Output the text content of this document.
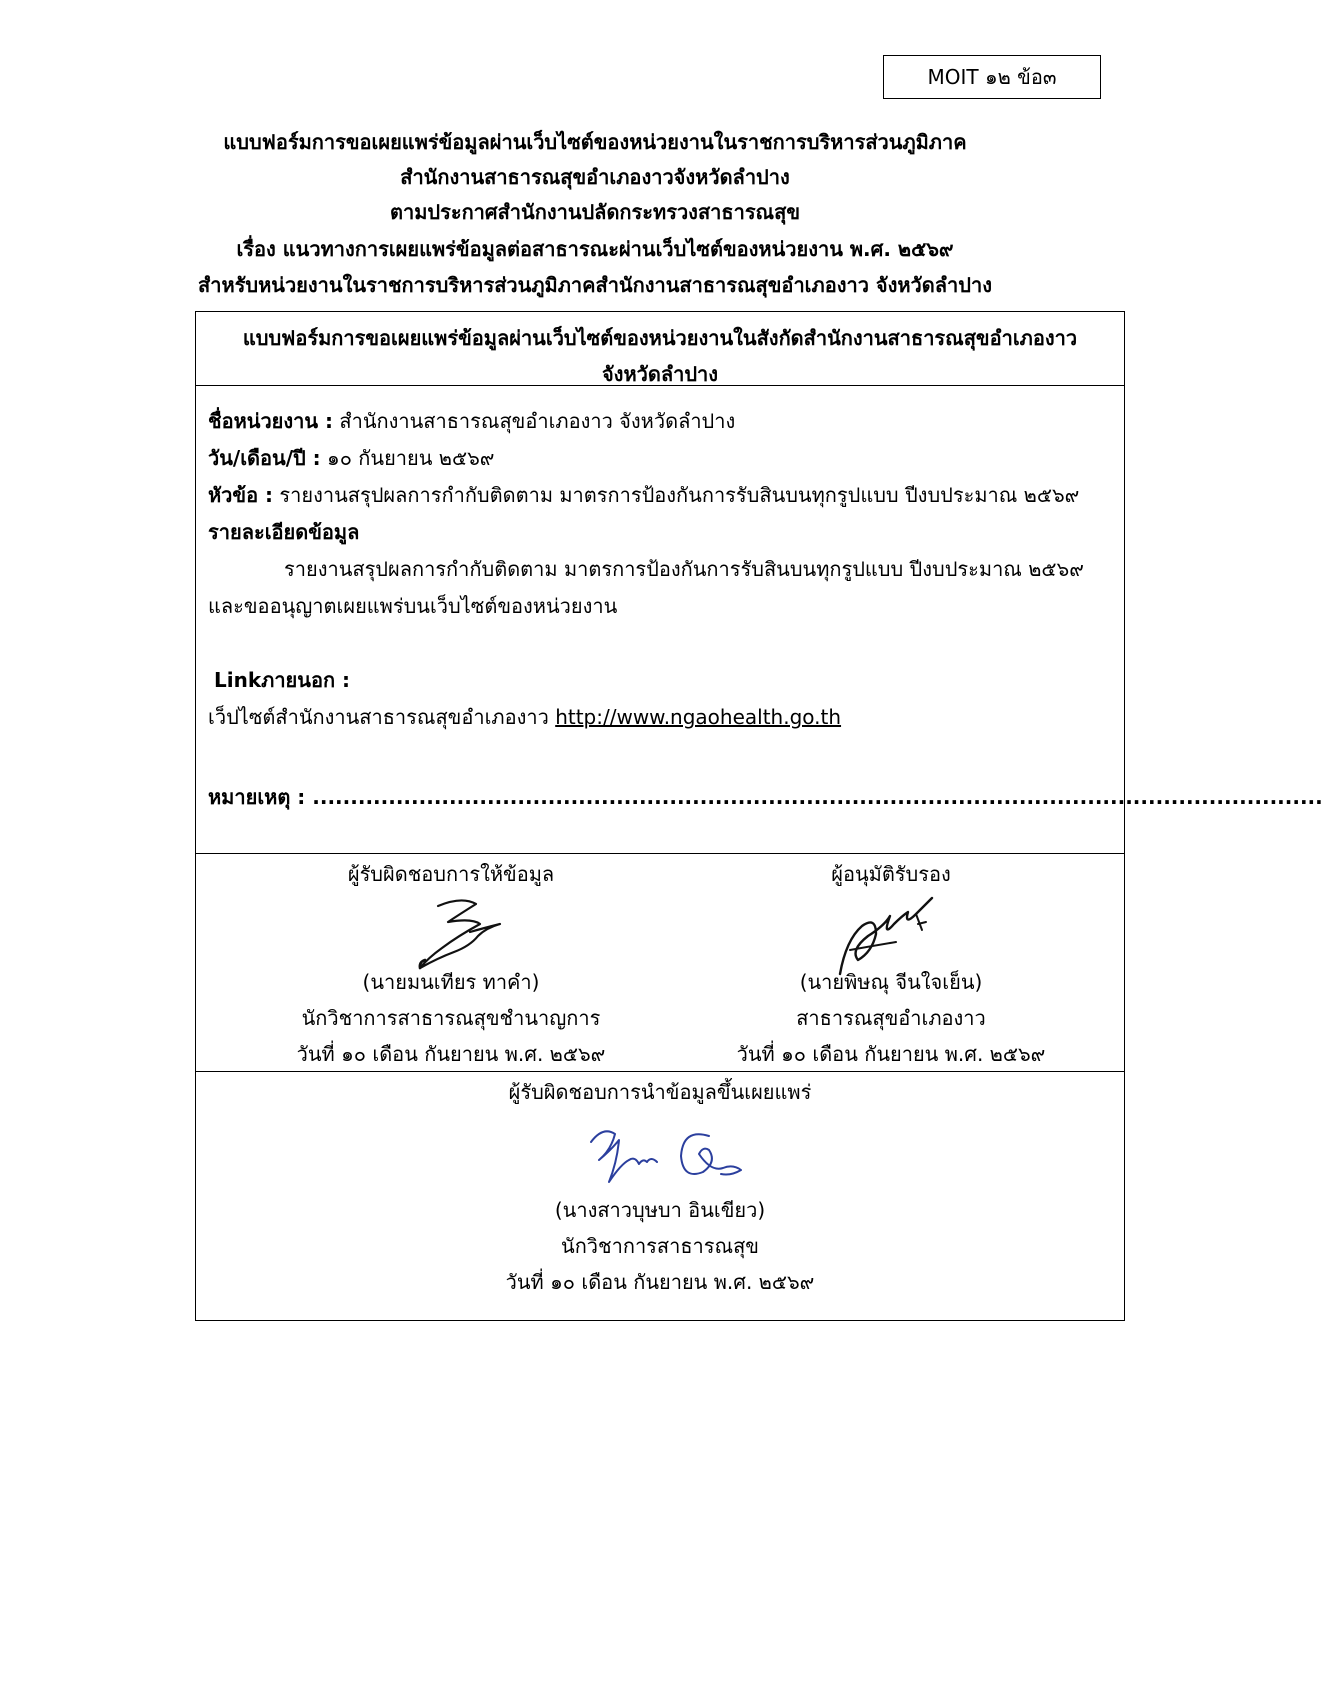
MOIT ๑๒ ข้อ๓
แบบฟอร์มการขอเผยแพร่ข้อมูลผ่านเว็บไซต์ของหน่วยงานในราชการบริหารส่วนภูมิภาค
สำนักงานสาธารณสุขอำเภองาวจังหวัดลำปาง
ตามประกาศสำนักงานปลัดกระทรวงสาธารณสุข
เรื่อง แนวทางการเผยแพร่ข้อมูลต่อสาธารณะผ่านเว็บไซต์ของหน่วยงาน พ.ศ. ๒๕๖๙
สำหรับหน่วยงานในราชการบริหารส่วนภูมิภาคสำนักงานสาธารณสุขอำเภองาว จังหวัดลำปาง
แบบฟอร์มการขอเผยแพร่ข้อมูลผ่านเว็บไซต์ของหน่วยงานในสังกัดสำนักงานสาธารณสุขอำเภองาว
จังหวัดลำปาง
ชื่อหน่วยงาน : สำนักงานสาธารณสุขอำเภองาว จังหวัดลำปาง
วัน/เดือน/ปี : ๑๐ กันยายน ๒๕๖๙
หัวข้อ : รายงานสรุปผลการกำกับติดตาม มาตรการป้องกันการรับสินบนทุกรูปแบบ ปีงบประมาณ ๒๕๖๙
รายละเอียดข้อมูล
รายงานสรุปผลการกำกับติดตาม มาตรการป้องกันการรับสินบนทุกรูปแบบ ปีงบประมาณ ๒๕๖๙
และขออนุญาตเผยแพร่บนเว็บไซต์ของหน่วยงาน
Linkภายนอก :
เว็ปไซต์สำนักงานสาธารณสุขอำเภองาว http://www.ngaohealth.go.th
หมายเหตุ : .....................................................................................................................................
ผู้รับผิดชอบการให้ข้อมูล
(นายมนเทียร ทาคำ)
นักวิชาการสาธารณสุขชำนาญการ
วันที่ ๑๐ เดือน กันยายน พ.ศ. ๒๕๖๙
ผู้อนุมัติรับรอง
(นายพิษณุ จีนใจเย็น)
สาธารณสุขอำเภองาว
วันที่ ๑๐ เดือน กันยายน พ.ศ. ๒๕๖๙
ผู้รับผิดชอบการนำข้อมูลขึ้นเผยแพร่
(นางสาวบุษบา อินเขียว)
นักวิชาการสาธารณสุข
วันที่ ๑๐ เดือน กันยายน พ.ศ. ๒๕๖๙
